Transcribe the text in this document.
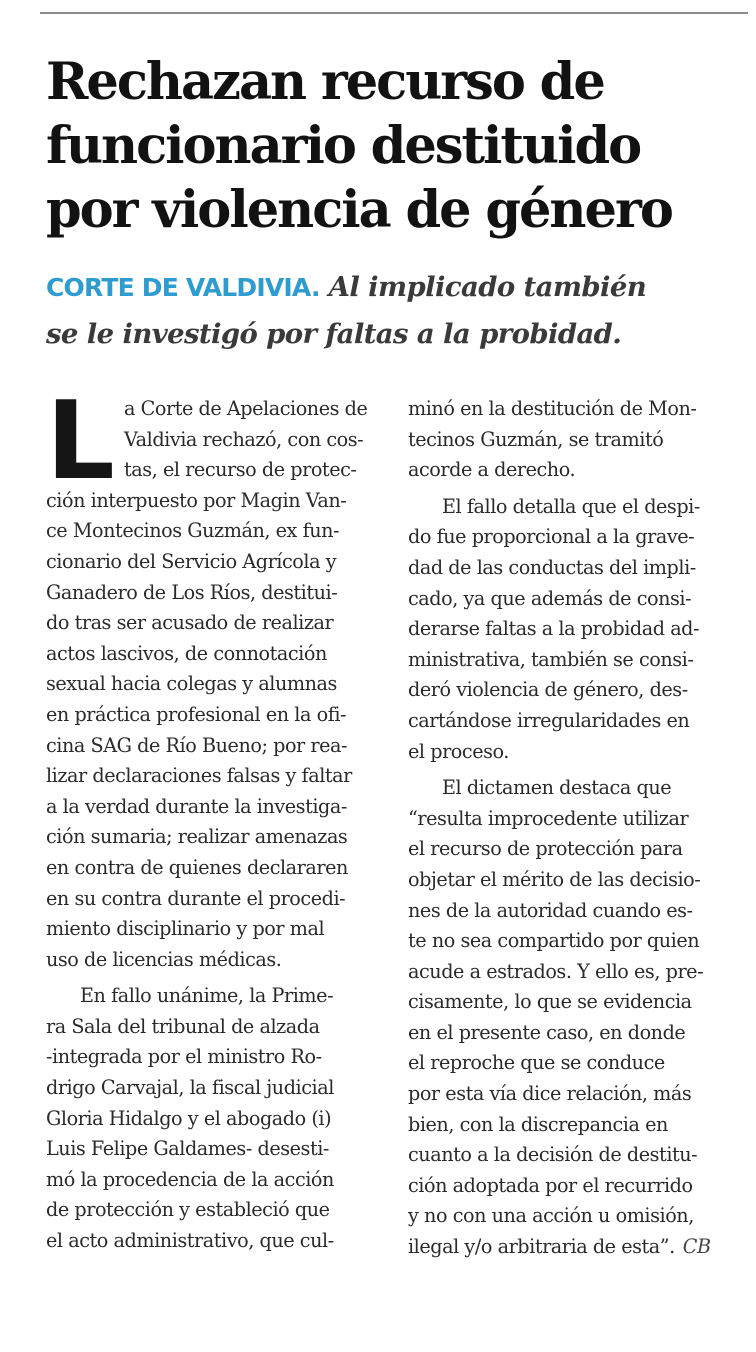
Rechazan recurso de
funcionario destituido
por violencia de género
CORTE DE VALDIVIA. Al implicado también
se le investigó por faltas a la probidad.
L a Corte de Apelaciones de
Valdivia rechazó, con cos-
tas, el recurso de protec-
ción interpuesto por Magin Van-
ce Montecinos Guzmán, ex fun-
cionario del Servicio Agrícola y
Ganadero de Los Ríos, destitui-
do tras ser acusado de realizar
actos lascivos, de connotación
sexual hacia colegas y alumnas
en práctica profesional en la ofi-
cina SAG de Río Bueno; por rea-
lizar declaraciones falsas y faltar
a la verdad durante la investiga-
ción sumaria; realizar amenazas
en contra de quienes declararen
en su contra durante el procedi-
miento disciplinario y por mal
uso de licencias médicas.
En fallo unánime, la Prime-
ra Sala del tribunal de alzada
-integrada por el ministro Ro-
drigo Carvajal, la fiscal judicial
Gloria Hidalgo y el abogado (i)
Luis Felipe Galdames- desesti-
mó la procedencia de la acción
de protección y estableció que
el acto administrativo, que cul-
minó en la destitución de Mon-
tecinos Guzmán, se tramitó
acorde a derecho.
El fallo detalla que el despi-
do fue proporcional a la grave-
dad de las conductas del impli-
cado, ya que además de consi-
derarse faltas a la probidad ad-
ministrativa, también se consi-
deró violencia de género, des-
cartándose irregularidades en
el proceso.
El dictamen destaca que
“resulta improcedente utilizar
el recurso de protección para
objetar el mérito de las decisio-
nes de la autoridad cuando es-
te no sea compartido por quien
acude a estrados. Y ello es, pre-
cisamente, lo que se evidencia
en el presente caso, en donde
el reproche que se conduce
por esta vía dice relación, más
bien, con la discrepancia en
cuanto a la decisión de destitu-
ción adoptada por el recurrido
y no con una acción u omisión,
ilegal y/o arbitraria de esta”. CB
